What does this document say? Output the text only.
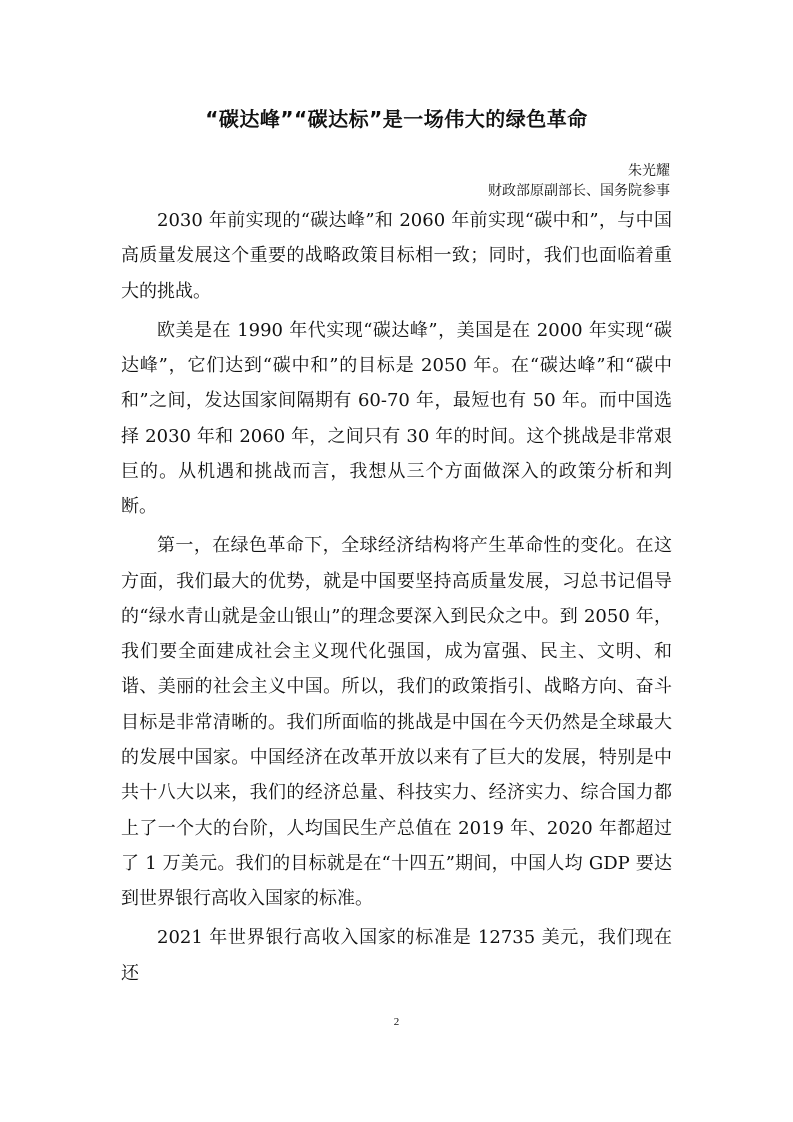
“碳达峰”“碳达标”是一场伟大的绿色革命
朱光耀
财政部原副部长、国务院参事

2030 年前实现的“碳达峰”和 2060 年前实现“碳中和”，与中国高质量发展这个重要的战略政策目标相一致；同时，我们也面临着重大的挑战。

欧美是在 1990 年代实现“碳达峰”，美国是在 2000 年实现“碳达峰”，它们达到“碳中和”的目标是 2050 年。在“碳达峰”和“碳中和”之间，发达国家间隔期有 60-70 年，最短也有 50 年。而中国选择 2030 年和 2060 年，之间只有 30 年的时间。这个挑战是非常艰巨的。从机遇和挑战而言，我想从三个方面做深入的政策分析和判断。

第一，在绿色革命下，全球经济结构将产生革命性的变化。在这方面，我们最大的优势，就是中国要坚持高质量发展，习总书记倡导的“绿水青山就是金山银山”的理念要深入到民众之中。到 2050 年，我们要全面建成社会主义现代化强国，成为富强、民主、文明、和谐、美丽的社会主义中国。所以，我们的政策指引、战略方向、奋斗目标是非常清晰的。我们所面临的挑战是中国在今天仍然是全球最大的发展中国家。中国经济在改革开放以来有了巨大的发展，特别是中共十八大以来，我们的经济总量、科技实力、经济实力、综合国力都上了一个大的台阶，人均国民生产总值在 2019 年、2020 年都超过了 1 万美元。我们的目标就是在“十四五”期间，中国人均 GDP 要达到世界银行高收入国家的标准。

2021 年世界银行高收入国家的标准是 12735 美元，我们现在还

2
